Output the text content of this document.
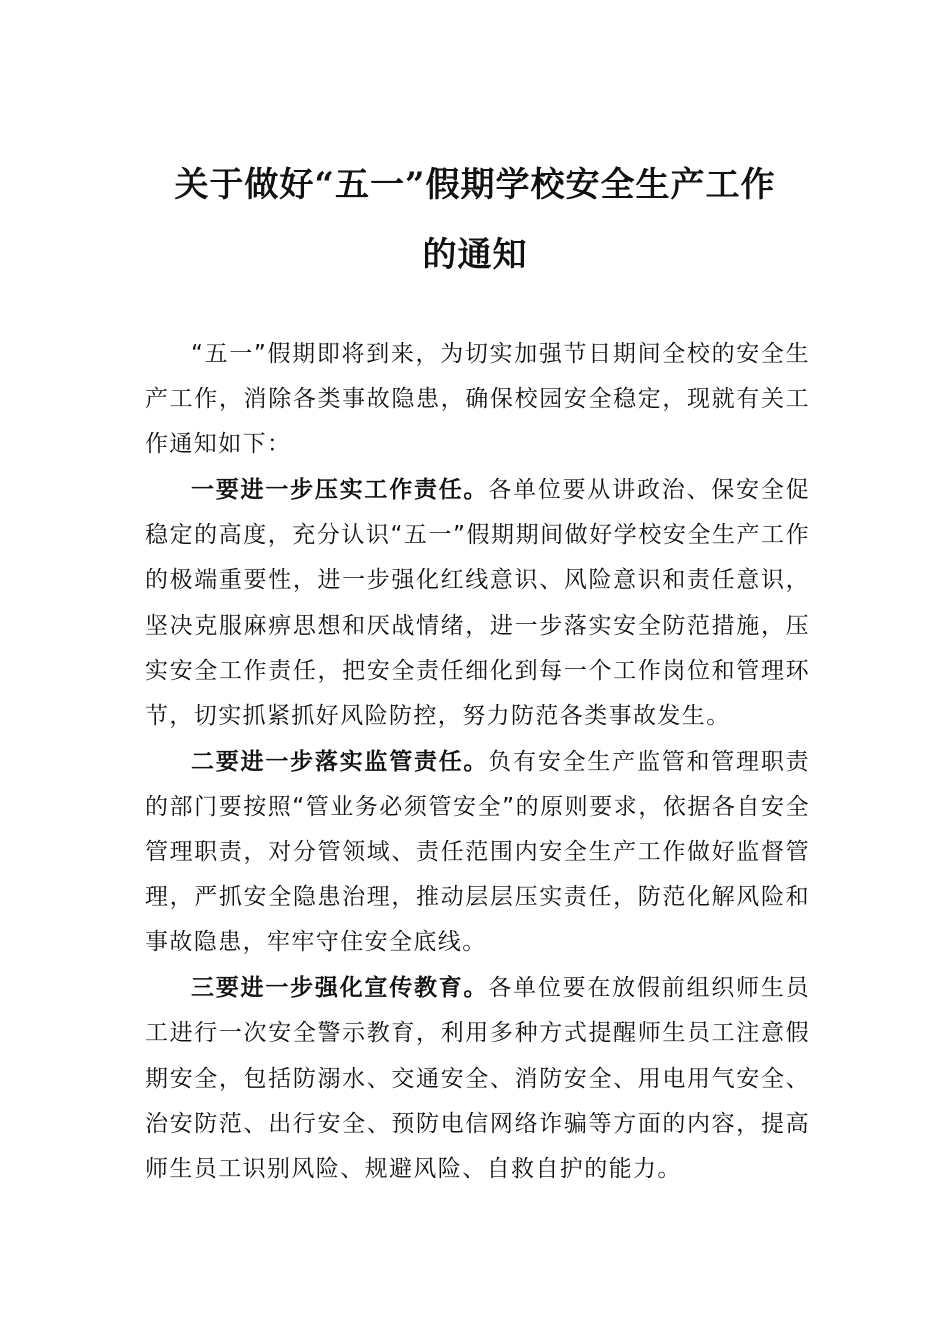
关于做好“五一”假期学校安全生产工作
的通知

“五一”假期即将到来，为切实加强节日期间全校的安全生产工作，消除各类事故隐患，确保校园安全稳定，现就有关工作通知如下：

一要进一步压实工作责任。各单位要从讲政治、保安全促稳定的高度，充分认识“五一”假期期间做好学校安全生产工作的极端重要性，进一步强化红线意识、风险意识和责任意识，坚决克服麻痹思想和厌战情绪，进一步落实安全防范措施，压实安全工作责任，把安全责任细化到每一个工作岗位和管理环节，切实抓紧抓好风险防控，努力防范各类事故发生。

二要进一步落实监管责任。负有安全生产监管和管理职责的部门要按照“管业务必须管安全”的原则要求，依据各自安全管理职责，对分管领域、责任范围内安全生产工作做好监督管理，严抓安全隐患治理，推动层层压实责任，防范化解风险和事故隐患，牢牢守住安全底线。

三要进一步强化宣传教育。各单位要在放假前组织师生员工进行一次安全警示教育，利用多种方式提醒师生员工注意假期安全，包括防溺水、交通安全、消防安全、用电用气安全、治安防范、出行安全、预防电信网络诈骗等方面的内容，提高师生员工识别风险、规避风险、自救自护的能力。
